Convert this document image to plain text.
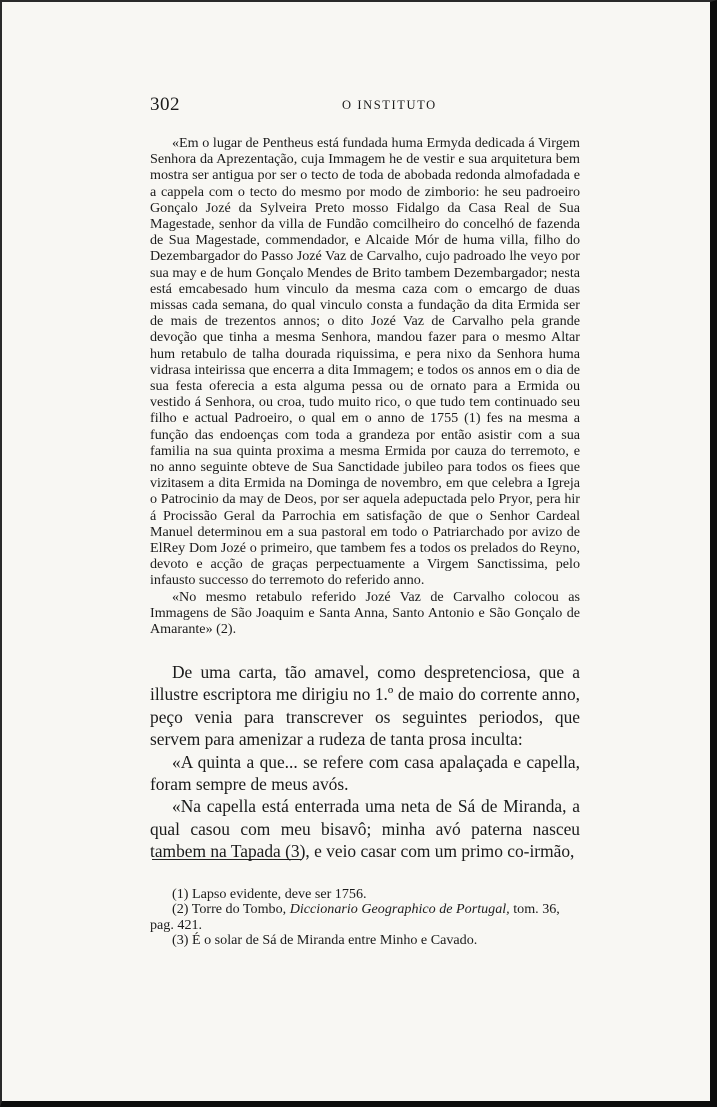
302	O INSTITUTO

«Em o lugar de Pentheus está fundada huma Ermyda dedicada á Virgem Senhora da Aprezentação, cuja Immagem he de vestir e sua arquitetura bem mostra ser antigua por ser o tecto de toda de abobada redonda almofadada e a cappela com o tecto do mesmo por modo de zimborio: he seu padroeiro Gonçalo Jozé da Sylveira Preto mosso Fidalgo da Casa Real de Sua Magestade, senhor da villa de Fundão comcilheiro do concelhó de fazenda de Sua Magestade, commendador, e Alcaide Mór de huma villa, filho do Dezembargador do Passo Jozé Vaz de Carvalho, cujo padroado lhe veyo por sua may e de hum Gonçalo Mendes de Brito tambem Dezembargador; nesta está emcabesado hum vinculo da mesma caza com o emcargo de duas missas cada semana, do qual vinculo consta a fundação da dita Ermida ser de mais de trezentos annos; o dito Jozé Vaz de Carvalho pela grande devoção que tinha a mesma Senhora, mandou fazer para o mesmo Altar hum retabulo de talha dourada riquissima, e pera nixo da Senhora huma vidrasa inteirissa que encerra a dita Immagem; e todos os annos em o dia de sua festa oferecia a esta alguma pessa ou de ornato para a Ermida ou vestido á Senhora, ou croa, tudo muito rico, o que tudo tem continuado seu filho e actual Padroeiro, o qual em o anno de 1755 (1) fes na mesma a função das endoenças com toda a grandeza por então asistir com a sua familia na sua quinta proxima a mesma Ermida por cauza do terremoto, e no anno seguinte obteve de Sua Sanctidade jubileo para todos os fiees que vizitasem a dita Ermida na Dominga de novembro, em que celebra a Igreja o Patrocinio da may de Deos, por ser aquela adepuctada pelo Pryor, pera hir á Procissão Geral da Parrochia em satisfação de que o Senhor Cardeal Manuel determinou em a sua pastoral em todo o Patriarchado por avizo de ElRey Dom Jozé o primeiro, que tambem fes a todos os prelados do Reyno, devoto e acção de graças perpectuamente a Virgem Sanctissima, pelo infausto successo do terremoto do referido anno.

«No mesmo retabulo referido Jozé Vaz de Carvalho colocou as Immagens de São Joaquim e Santa Anna, Santo Antonio e São Gonçalo de Amarante» (2).

De uma carta, tão amavel, como despretenciosa, que a illustre escriptora me dirigiu no 1.º de maio do corrente anno, peço venia para transcrever os seguintes periodos, que servem para amenizar a rudeza de tanta prosa inculta:

«A quinta a que... se refere com casa apalaçada e capella, foram sempre de meus avós.

«Na capella está enterrada uma neta de Sá de Miranda, a qual casou com meu bisavô; minha avó paterna nasceu tambem na Tapada (3), e veio casar com um primo co-irmão,

(1) Lapso evidente, deve ser 1756.

(2) Torre do Tombo, Diccionario Geographico de Portugal, tom. 36, pag. 421.

(3) É o solar de Sá de Miranda entre Minho e Cavado.
